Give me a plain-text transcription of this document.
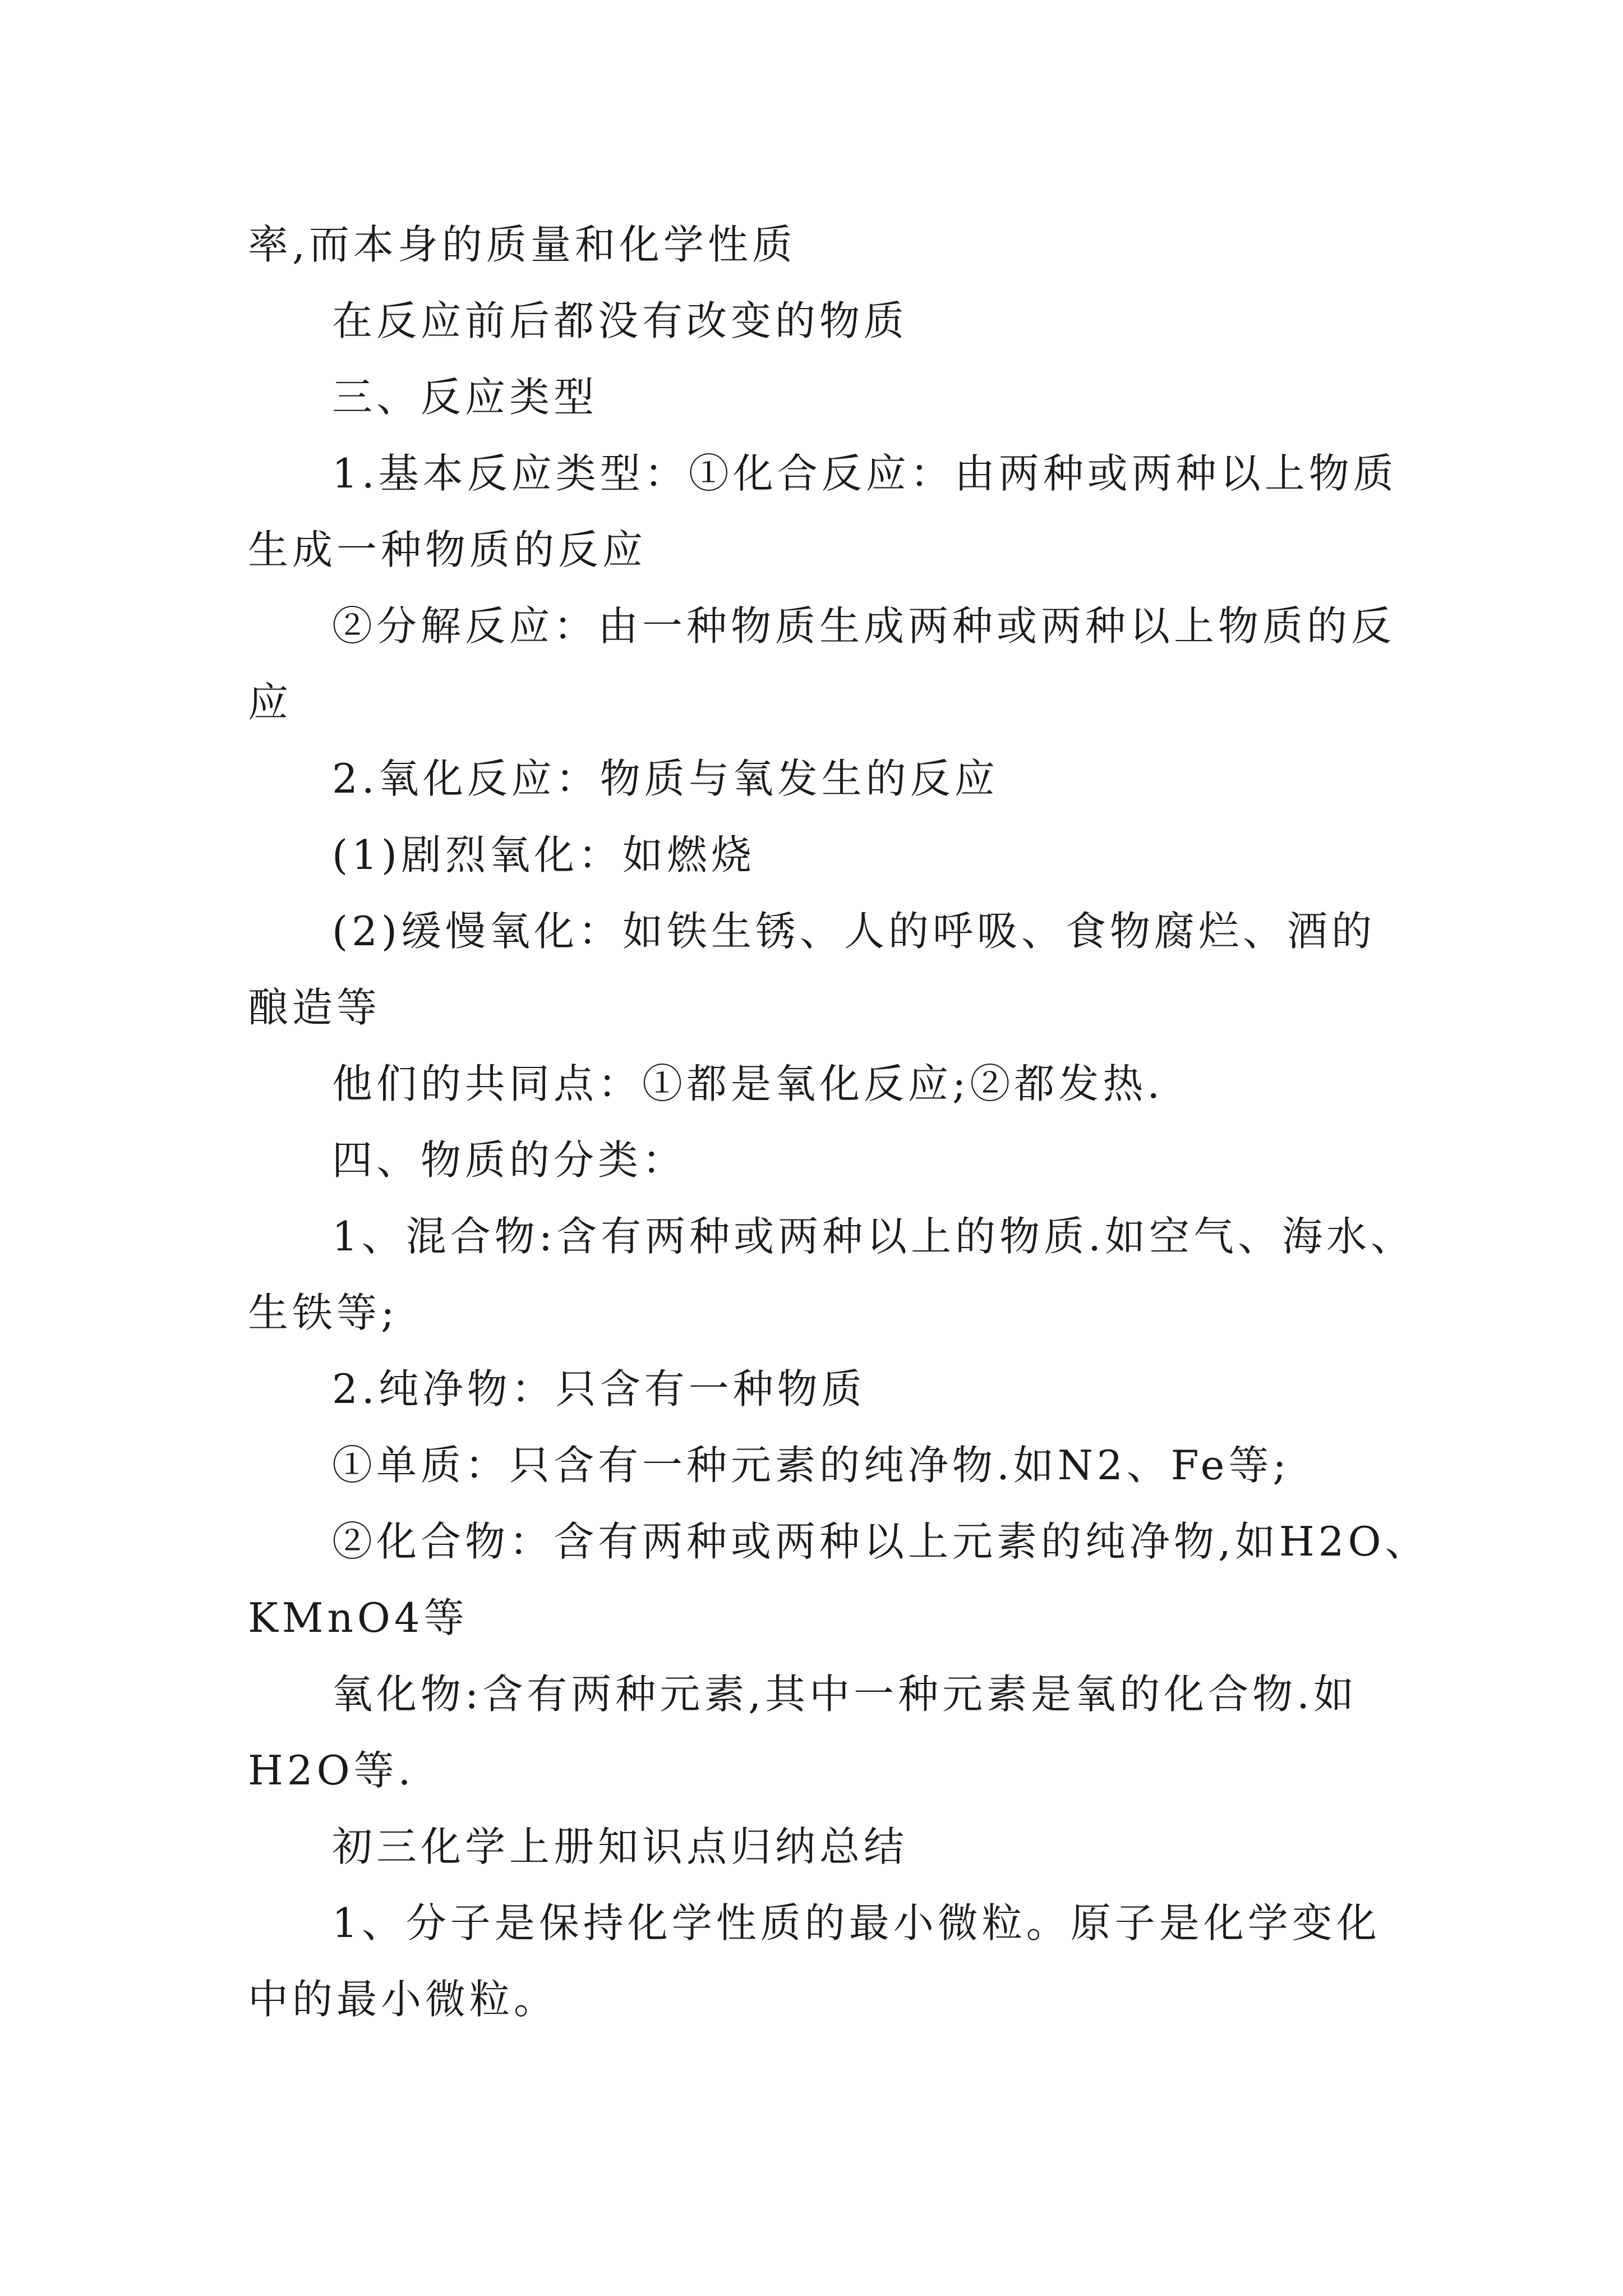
率,而本身的质量和化学性质
在反应前后都没有改变的物质
三、反应类型
1.基本反应类型：①化合反应：由两种或两种以上物质
生成一种物质的反应
②分解反应：由一种物质生成两种或两种以上物质的反
应
2.氧化反应：物质与氧发生的反应
(1)剧烈氧化：如燃烧
(2)缓慢氧化：如铁生锈、人的呼吸、食物腐烂、酒的
酿造等
他们的共同点：①都是氧化反应;②都发热.
四、物质的分类：
1、混合物:含有两种或两种以上的物质.如空气、海水、
生铁等;
2.纯净物：只含有一种物质
①单质：只含有一种元素的纯净物.如N2、Fe等;
②化合物：含有两种或两种以上元素的纯净物,如H2O、
KMnO4等
氧化物:含有两种元素,其中一种元素是氧的化合物.如
H2O等.
初三化学上册知识点归纳总结
1、分子是保持化学性质的最小微粒。原子是化学变化
中的最小微粒。
